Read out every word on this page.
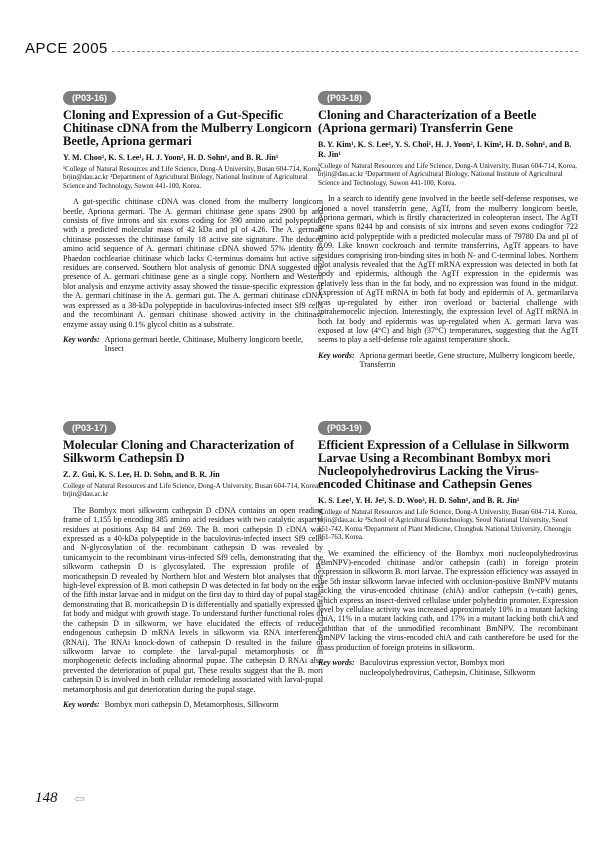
APCE 2005
(P03-16)
Cloning and Expression of a Gut-Specific Chitinase cDNA from the Mulberry Longicorn Beetle, Apriona germari
Y. M. Choo¹, K. S. Lee¹, H. J. Yoon², H. D. Sohn¹, and B. R. Jin¹
¹College of Natural Resources and Life Science, Dong-A University, Busan 604-714, Korea, brjin@dau.ac.kr ²Department of Agricultural Biology, National Institute of Agricultural Science and Technology, Suwon 441-100, Korea.

A gut-specific chitinase cDNA was cloned from the mulberry longicorn beetle, Apriona germari. The A. germari chitinase gene spans 2900 bp and consists of five introns and six exons coding for 390 amino acid polypeptide with a predicted molecular mass of 42 kDa and pI of 4.26. The A. germari chitinase possesses the chitinase family 18 active site signature. The deduced amino acid sequence of A. germari chitinase cDNA showed 57% identity to Phaedon cochleariae chitinase which lacks C-terminus domains but active site residues are conserved. Southern blot analysis of genomic DNA suggested the presence of A. germari chitinase gene as a single copy. Northern and Western blot analysis and enzyme activity assay showed the tissue-specific expression of the A. germari chitinase in the A. germari gut. The A. germari chitinase cDNA was expressed as a 38-kDa polypeptide in baculovirus-infected insect Sf9 cells and the recombinant A. germari chitinase showed activity in the chitinase enzyme assay using 0.1% glycol chitin as a substrate.

Key words: Apriona germari beetle, Chitinase, Mulberry longicorn beetle, Insect
(P03-18)
Cloning and Characterization of a Beetle (Apriona germari) Transferrin Gene
B. Y. Kim¹, K. S. Lee¹, Y. S. Choi¹, H. J. Yoon², I. Kim², H. D. Sohn¹, and B. R. Jin¹
¹College of Natural Resources and Life Science, Dong-A University, Busan 604-714, Korea, brjin@dau.ac.kr ²Department of Agricultural Biology, National Institute of Agricultural Science and Technology, Suwon 441-100, Korea.

In a search to identify gene involved in the beetle self-defense responses, we cloned a novel transferrin gene, AgTf, from the mulberry longicorn beetle, Apriona germari, which is firstly characterized in coleopteran insect. The AgTf gene spans 8244 bp and consists of six introns and seven exons codingfor 722 amino acid polypeptide with a predicted molecular mass of 79780 Da and pI of 8.09. Like known cockroach and termite transferrins, AgTf appears to have residues comprising iron-binding sites in both N- and C-terminal lobes. Northern blot analysis revealed that the AgTf mRNA expression was detected in both fat body and epidermis, although the AgTf expression in the epidermis was relatively less than in the fat body, and no expression was found in the midgut. Expression of AgTf mRNA in both fat body and epidermis of A. germarilarva was up-regulated by either iron overload or bacterial challenge with intrahemocelic injection. Interestingly, the expression level of AgTf mRNA in both fat body and epidermis was up-regulated when A. germari larva was exposed at low (4°C) and high (37°C) temperatures, suggesting that the AgTf seems to play a self-defense role against temperature shock.

Key words: Apriona germari beetle, Gene structure, Mulberry longicorn beetle, Transferrin
(P03-17)
Molecular Cloning and Characterization of Silkworm Cathepsin D
Z. Z. Gui, K. S. Lee, H. D. Sohn, and B. R. Jin
College of Natural Resources and Life Science, Dong-A University, Busan 604-714, Korea, brjin@dau.ac.kr

The Bombyx mori silkworm cathepsin D cDNA contains an open reading frame of 1,155 bp encoding 385 amino acid residues with two catalytic aspartyl residues at positions Asp 84 and 269. The B. mori cathepsin D cDNA was expressed as a 40-kDa polypeptide in the baculovirus-infected insect Sf9 cells and N-glycosylation of the recombinant cathepsin D was revealed by tunicamycin to the recombinant virus-infected Sf9 cells, demonstrating that the silkworm cathepsin D is glycosylated. The expression profile of B. moricathepsin D revealed by Northern blot and Western blot analyses that the high-level expression of B. mori cathepsin D was detected in fat body on the end of the fifth instar larvae and in midgut on the first day to third day of pupal stage, demonstrating that B. moricathepsin D is differentially and spatially expressed in fat body and midgut with growth stage. To understand further functional roles of the cathepsin D in silkworm, we have elucidated the effects of reduced endogenous cathepsin D mRNA levels in silkworm via RNA interference (RNAi). The RNAi knock-down of cathepsin D resulted in the failure of silkworm larvae to complete the larval-pupal metamorphosis or in morphogenetic defects including abnormal pupae. The cathepsin D RNAi also prevented the deterioration of pupal gut. These results suggest that the B. mori cathepsin D is involved in both cellular remodeling associated with larval-pupal metamorphosis and gut deterioration during the pupal stage.

Key words: Bombyx mori cathepsin D, Metamorphosis, Silkworm
(P03-19)
Efficient Expression of a Cellulase in Silkworm Larvae Using a Recombinant Bombyx mori Nucleopolyhedrovirus Lacking the Virus-encoded Chitinase and Cathepsin Genes
K. S. Lee¹, Y. H. Je², S. D. Woo³, H. D. Sohn¹, and B. R. Jin¹
¹College of Natural Resources and Life Science, Dong-A University, Busan 604-714, Korea, brjin@dau.ac.kr ²School of Agricultural Biotechnology, Seoul National University, Seoul 151-742, Korea ³Department of Plant Medicine, Chungbuk National University, Cheongju 361-763, Korea.

We examined the efficiency of the Bombyx mori nucleopolyhedrovirus (BmNPV)-encoded chitinase and/or cathepsin (cath) in foreign protein expression in silkworm B. mori larvae. The expression efficiency was assayed in the 5th instar silkworm larvae infected with occlusion-positive BmNPV mutants lacking the virus-encoded chitinase (chiA) and/or cathepsin (v-cath) genes, which express an insect-derived cellulase under polyhedrin promoter. Expression level by cellulase activity was increased approximately 10% in a mutant lacking chiA, 11% in a mutant lacking cath, and 17% in a mutant lacking both chiA and cathtthan that of the unmodified recombinant BmNPV. The recombinant BmNPV lacking the virus-encoded chiA and cath cantherefore be used for the mass production of foreign proteins in silkworm.

Key words: Baculovirus expression vector, Bombyx mori nucleopolyhedrovirus, Cathepsin, Chitinase, Silkworm
148 ⇦
